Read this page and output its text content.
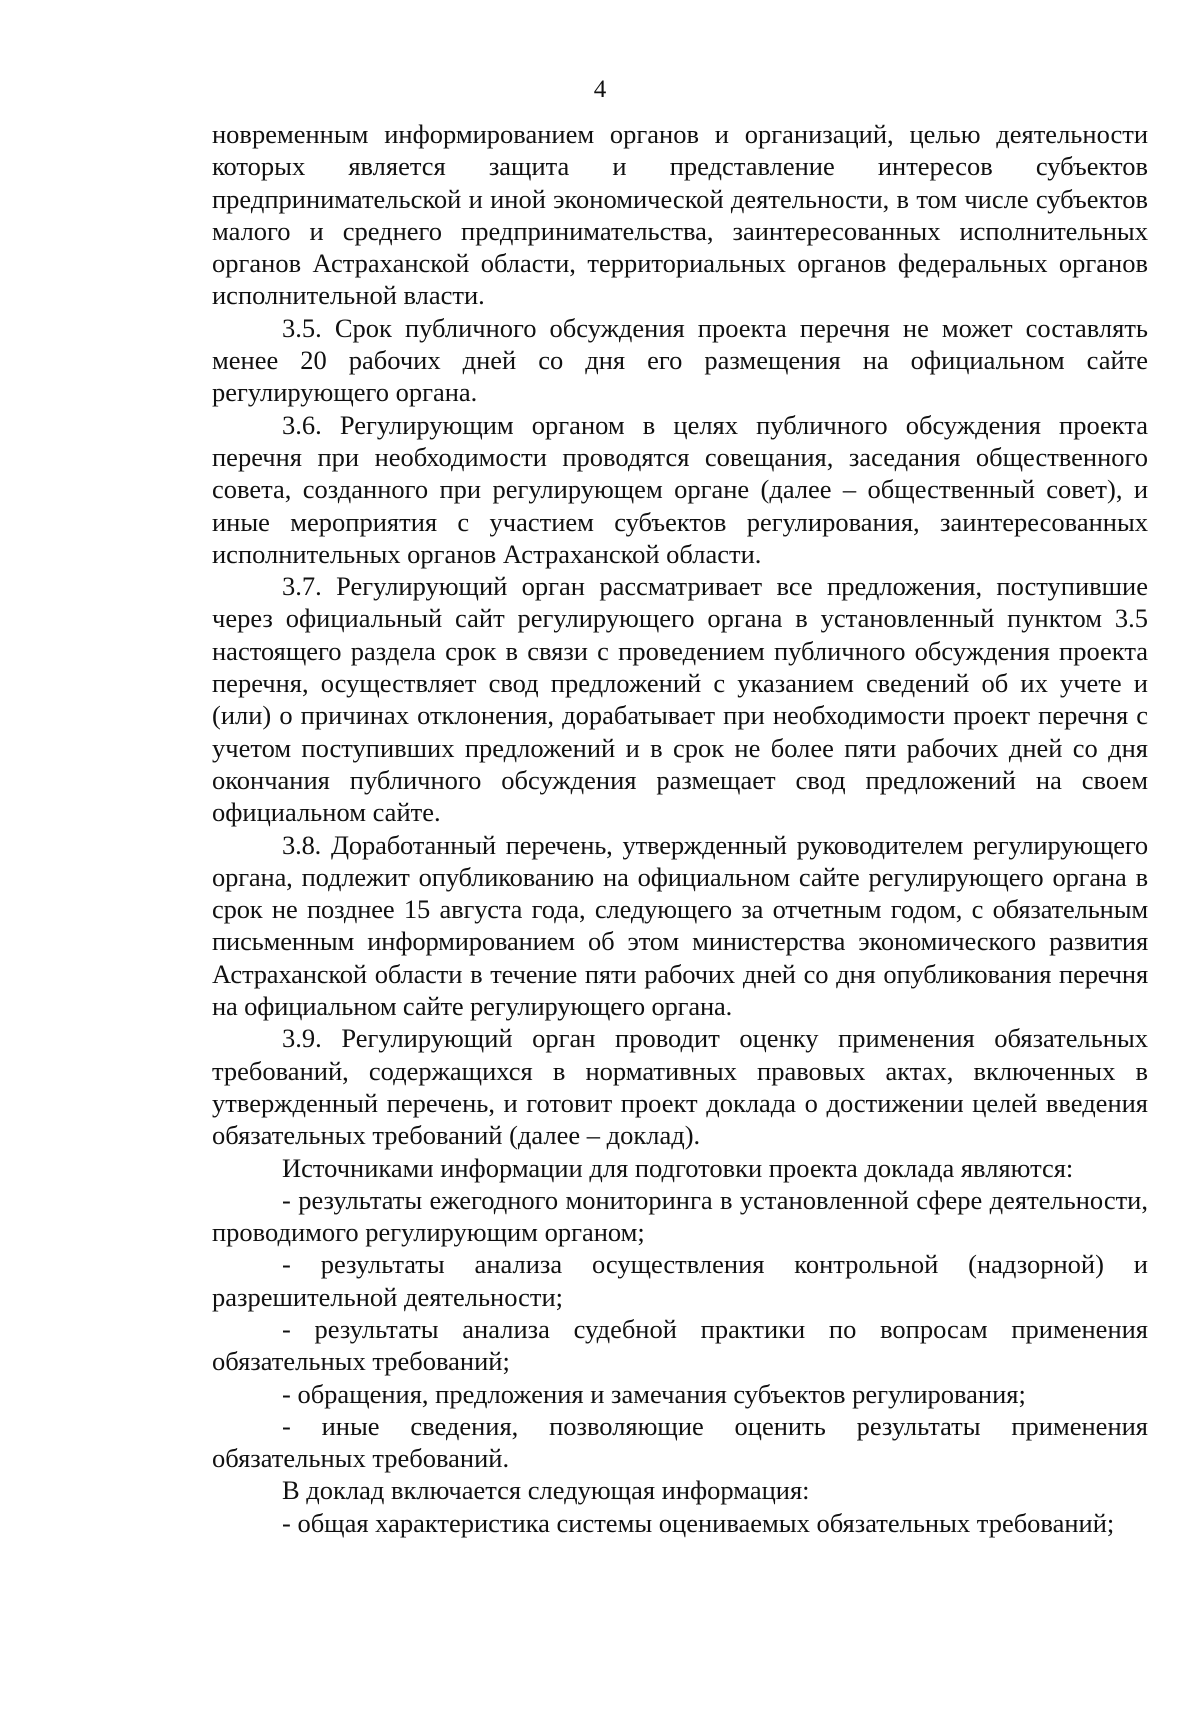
4

новременным информированием органов и организаций, целью деятельности которых является защита и представление интересов субъектов предпринимательской и иной экономической деятельности, в том числе субъектов малого и среднего предпринимательства, заинтересованных исполнительных органов Астраханской области, территориальных органов федеральных органов исполнительной власти.

3.5. Срок публичного обсуждения проекта перечня не может составлять менее 20 рабочих дней со дня его размещения на официальном сайте регулирующего органа.

3.6. Регулирующим органом в целях публичного обсуждения проекта перечня при необходимости проводятся совещания, заседания общественного совета, созданного при регулирующем органе (далее – общественный совет), и иные мероприятия с участием субъектов регулирования, заинтересованных исполнительных органов Астраханской области.

3.7. Регулирующий орган рассматривает все предложения, поступившие через официальный сайт регулирующего органа в установленный пунктом 3.5 настоящего раздела срок в связи с проведением публичного обсуждения проекта перечня, осуществляет свод предложений с указанием сведений об их учете и (или) о причинах отклонения, дорабатывает при необходимости проект перечня с учетом поступивших предложений и в срок не более пяти рабочих дней со дня окончания публичного обсуждения размещает свод предложений на своем официальном сайте.

3.8. Доработанный перечень, утвержденный руководителем регулирующего органа, подлежит опубликованию на официальном сайте регулирующего органа в срок не позднее 15 августа года, следующего за отчетным годом, с обязательным письменным информированием об этом министерства экономического развития Астраханской области в течение пяти рабочих дней со дня опубликования перечня на официальном сайте регулирующего органа.

3.9. Регулирующий орган проводит оценку применения обязательных требований, содержащихся в нормативных правовых актах, включенных в утвержденный перечень, и готовит проект доклада о достижении целей введения обязательных требований (далее – доклад).

Источниками информации для подготовки проекта доклада являются:

- результаты ежегодного мониторинга в установленной сфере деятельности, проводимого регулирующим органом;

- результаты анализа осуществления контрольной (надзорной) и разрешительной деятельности;

- результаты анализа судебной практики по вопросам применения обязательных требований;

- обращения, предложения и замечания субъектов регулирования;

- иные сведения, позволяющие оценить результаты применения обязательных требований.

В доклад включается следующая информация:

- общая характеристика системы оцениваемых обязательных требований;
